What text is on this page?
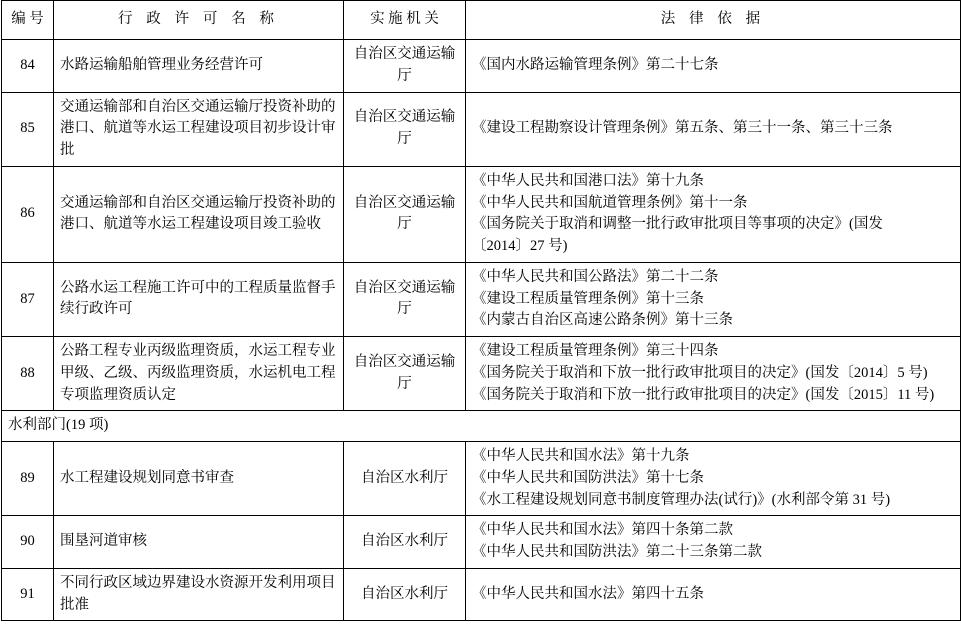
编 号	行 政 许 可 名 称	实 施 机 关	法 律 依 据
84	水路运输船舶管理业务经营许可	自治区交通运输厅	《国内水路运输管理条例》第二十七条

85	交通运输部和自治区交通运输厅投资补助的港口、航道等水运工程建设项目初步设计审批	自治区交通运输厅	《建设工程勘察设计管理条例》第五条、第三十一条、第三十三条

86	交通运输部和自治区交通运输厅投资补助的港口、航道等水运工程建设项目竣工验收	自治区交通运输厅	《中华人民共和国港口法》第十九条
《中华人民共和国航道管理条例》第十一条
《国务院关于取消和调整一批行政审批项目等事项的决定》(国发
〔2014〕27 号)

87	公路水运工程施工许可中的工程质量监督手续行政许可	自治区交通运输厅	《中华人民共和国公路法》第二十二条
《建设工程质量管理条例》第十三条
《内蒙古自治区高速公路条例》第十三条

88	公路工程专业丙级监理资质，水运工程专业甲级、乙级、丙级监理资质，水运机电工程专项监理资质认定	自治区交通运输厅	《建设工程质量管理条例》第三十四条
《国务院关于取消和下放一批行政审批项目的决定》(国发〔2014〕5 号)
《国务院关于取消和下放一批行政审批项目的决定》(国发〔2015〕11 号)

水利部门(19 项)			
89	水工程建设规划同意书审查	自治区水利厅	《中华人民共和国水法》第十九条
《中华人民共和国防洪法》第十七条
《水工程建设规划同意书制度管理办法(试行)》(水利部令第 31 号)

90	围垦河道审核	自治区水利厅	《中华人民共和国水法》第四十条第二款
《中华人民共和国防洪法》第二十三条第二款

91	不同行政区域边界建设水资源开发利用项目批准	自治区水利厅	《中华人民共和国水法》第四十五条
